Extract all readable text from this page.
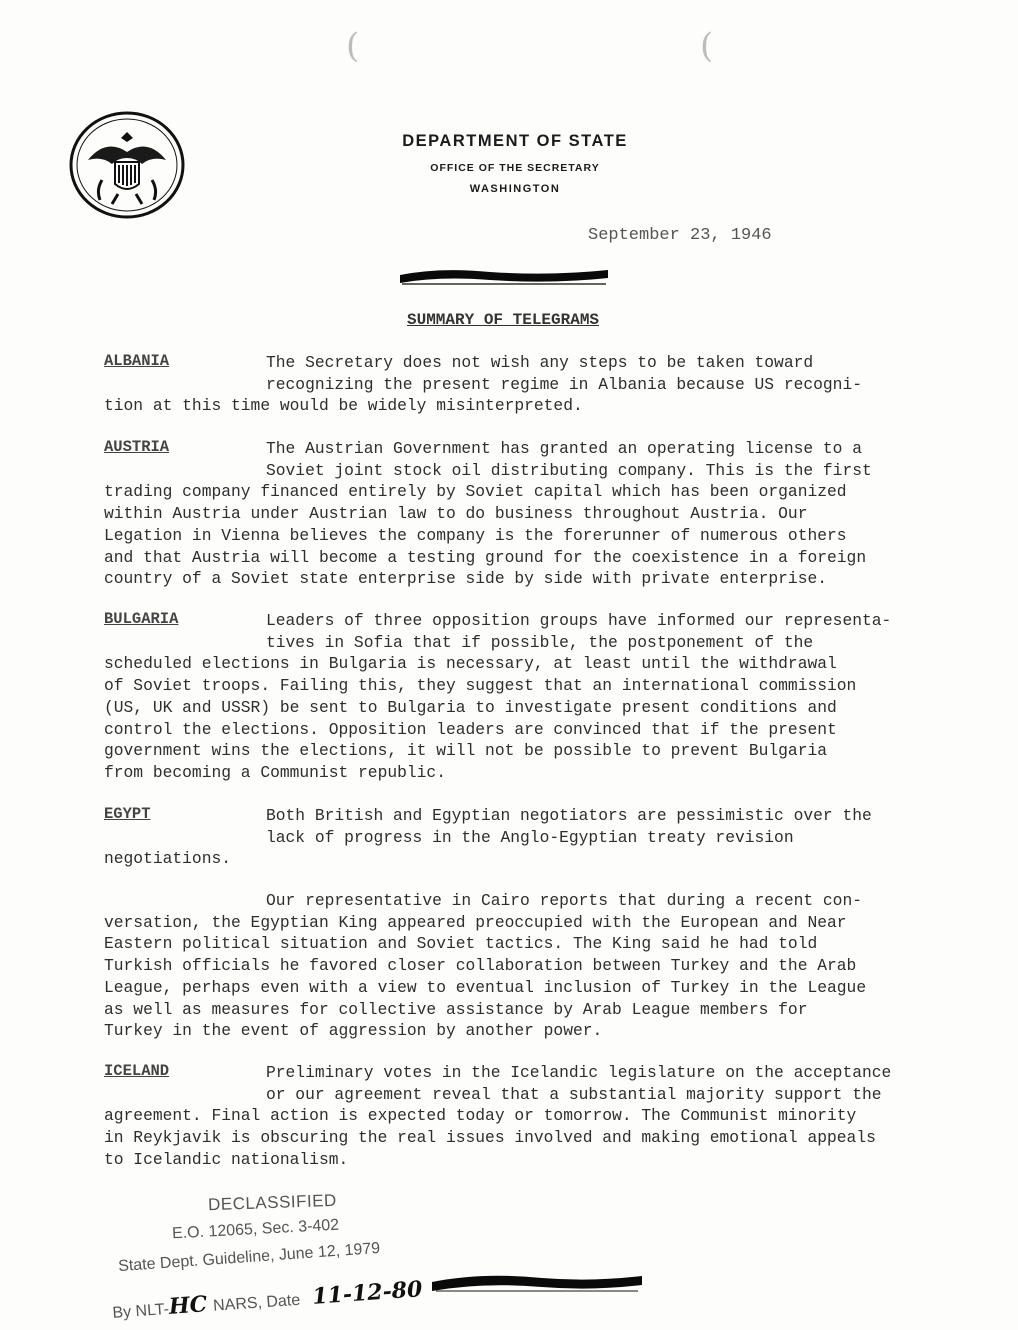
(	(
DEPARTMENT OF STATE
OFFICE OF THE SECRETARY
WASHINGTON
September 23, 1946
SUMMARY OF TELEGRAMS
ALBANIA	The Secretary does not wish any steps to be taken toward
recognizing the present regime in Albania because US recogni-
tion at this time would be widely misinterpreted.
AUSTRIA	The Austrian Government has granted an operating license to a
Soviet joint stock oil distributing company. This is the first
trading company financed entirely by Soviet capital which has been organized
within Austria under Austrian law to do business throughout Austria. Our
Legation in Vienna believes the company is the forerunner of numerous others
and that Austria will become a testing ground for the coexistence in a foreign
country of a Soviet state enterprise side by side with private enterprise.
BULGARIA	Leaders of three opposition groups have informed our representa-
tives in Sofia that if possible, the postponement of the
scheduled elections in Bulgaria is necessary, at least until the withdrawal
of Soviet troops. Failing this, they suggest that an international commission
(US, UK and USSR) be sent to Bulgaria to investigate present conditions and
control the elections. Opposition leaders are convinced that if the present
government wins the elections, it will not be possible to prevent Bulgaria
from becoming a Communist republic.
EGYPT	Both British and Egyptian negotiators are pessimistic over the
lack of progress in the Anglo-Egyptian treaty revision
negotiations.
Our representative in Cairo reports that during a recent con-
versation, the Egyptian King appeared preoccupied with the European and Near
Eastern political situation and Soviet tactics. The King said he had told
Turkish officials he favored closer collaboration between Turkey and the Arab
League, perhaps even with a view to eventual inclusion of Turkey in the League
as well as measures for collective assistance by Arab League members for
Turkey in the event of aggression by another power.
ICELAND	Preliminary votes in the Icelandic legislature on the acceptance
or our agreement reveal that a substantial majority support the
agreement. Final action is expected today or tomorrow. The Communist minority
in Reykjavik is obscuring the real issues involved and making emotional appeals
to Icelandic nationalism.
DECLASSIFIED
E.O. 12065, Sec. 3-402
State Dept. Guideline, June 12, 1979
By NLT-HC NARS, Date 11-12-80
